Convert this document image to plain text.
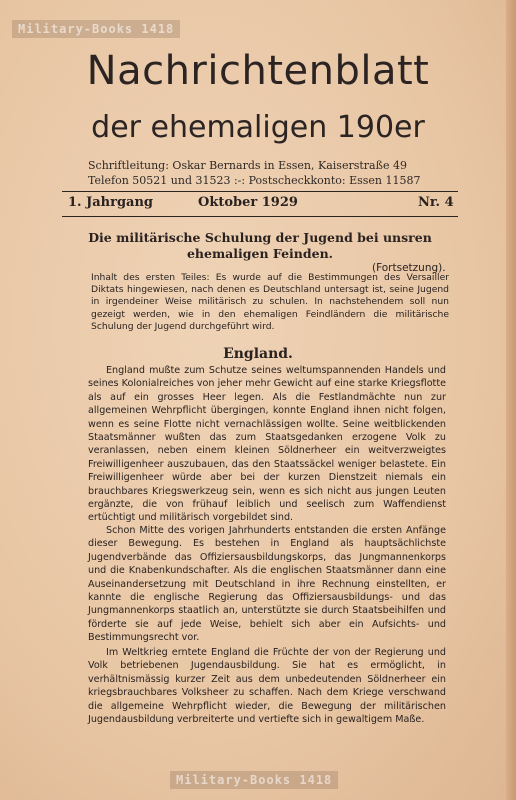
Military-Books 1418
Nachrichtenblatt
der ehemaligen 190er
Schriftleitung: Oskar Bernards in Essen, Kaiserstraße 49
Telefon 50521 und 31523 :-: Postscheckkonto: Essen 11587
1. Jahrgang	Oktober 1929	Nr. 4
Die militärische Schulung der Jugend bei unsren ehemaligen Feinden.
(Fortsetzung).
Inhalt des ersten Teiles: Es wurde auf die Bestimmungen des Versailler Diktats hingewiesen, nach denen es Deutschland untersagt ist, seine Jugend in irgendeiner Weise militärisch zu schulen. In nachstehendem soll nun gezeigt werden, wie in den ehemaligen Feindländern die militärische Schulung der Jugend durchgeführt wird.
England.
England mußte zum Schutze seines weltumspannenden Handels und seines Kolonialreiches von jeher mehr Gewicht auf eine starke Kriegsflotte als auf ein grosses Heer legen. Als die Festlandmächte nun zur allgemeinen Wehrpflicht übergingen, konnte England ihnen nicht folgen, wenn es seine Flotte nicht vernachlässigen wollte. Seine weitblickenden Staatsmänner wußten das zum Staatsgedanken erzogene Volk zu veranlassen, neben einem kleinen Söldnerheer ein weitverzweigtes Freiwilligenheer auszubauen, das den Staatssäckel weniger belastete. Ein Freiwilligenheer würde aber bei der kurzen Dienstzeit niemals ein brauchbares Kriegswerkzeug sein, wenn es sich nicht aus jungen Leuten ergänzte, die von frühauf leiblich und seelisch zum Waffendienst ertüchtigt und militärisch vorgebildet sind.
Schon Mitte des vorigen Jahrhunderts entstanden die ersten Anfänge dieser Bewegung. Es bestehen in England als hauptsächlichste Jugendverbände das Offiziersausbildungskorps, das Jungmannenkorps und die Knabenkundschafter. Als die englischen Staatsmänner dann eine Auseinandersetzung mit Deutschland in ihre Rechnung einstellten, er kannte die englische Regierung das Offiziersausbildungs- und das Jungmannenkorps staatlich an, unterstützte sie durch Staatsbeihilfen und förderte sie auf jede Weise, behielt sich aber ein Aufsichts- und Bestimmungsrecht vor.
Im Weltkrieg erntete England die Früchte der von der Regierung und Volk betriebenen Jugendausbildung. Sie hat es ermöglicht, in verhältnismässig kurzer Zeit aus dem unbedeutenden Söldnerheer ein kriegsbrauchbares Volksheer zu schaffen. Nach dem Kriege verschwand die allgemeine Wehrpflicht wieder, die Bewegung der militärischen Jugendausbildung verbreiterte und vertiefte sich in gewaltigem Maße.
Military-Books 1418
